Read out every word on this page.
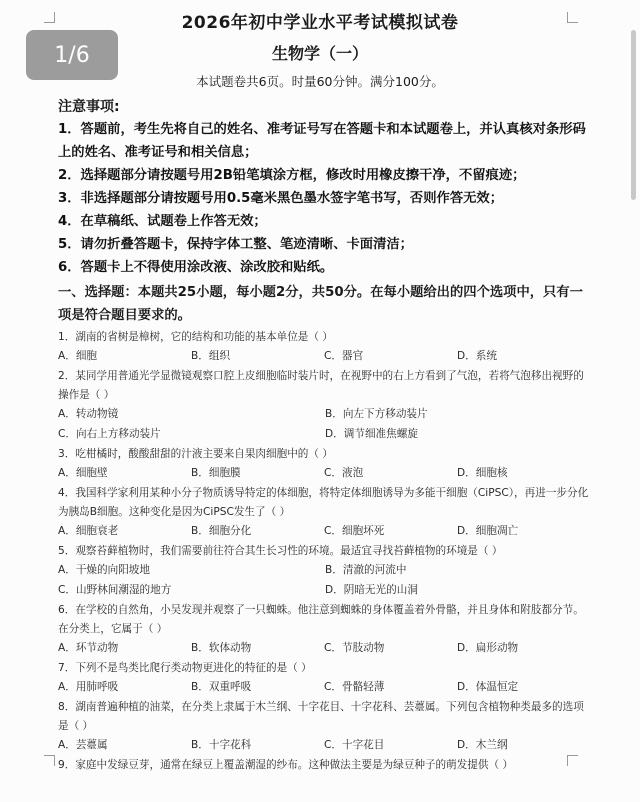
2026年初中学业水平考试模拟试卷
生物学（一）
本试题卷共6页。时量60分钟。满分100分。
注意事项:
1．答题前，考生先将自己的姓名、准考证号写在答题卡和本试题卷上，并认真核对条形码上的姓名、准考证号和相关信息；
2．选择题部分请按题号用2B铅笔填涂方框，修改时用橡皮擦干净，不留痕迹；
3．非选择题部分请按题号用0.5毫米黑色墨水签字笔书写，否则作答无效；
4．在草稿纸、试题卷上作答无效；
5．请勿折叠答题卡，保持字体工整、笔迹清晰、卡面清洁；
6．答题卡上不得使用涂改液、涂改胶和贴纸。
一、选择题：本题共25小题，每小题2分，共50分。在每小题给出的四个选项中，只有一项是符合题目要求的。
1．湖南的省树是樟树，它的结构和功能的基本单位是（ ）
A．细胞	B．组织	C．器官	D．系统
2．某同学用普通光学显微镜观察口腔上皮细胞临时装片时，在视野中的右上方看到了气泡，若将气泡移出视野的操作是（ ）
A．转动物镜	B．向左下方移动装片
C．向右上方移动装片	D．调节细准焦螺旋
3．吃柑橘时，酸酸甜甜的汁液主要来自果肉细胞中的（ ）
A．细胞壁	B．细胞膜	C．液泡	D．细胞核
4．我国科学家利用某种小分子物质诱导特定的体细胞，将特定体细胞诱导为多能干细胞（CiPSC），再进一步分化为胰岛B细胞。这种变化是因为CiPSC发生了（ ）
A．细胞衰老	B．细胞分化	C．细胞坏死	D．细胞凋亡
5．观察苔藓植物时，我们需要前往符合其生长习性的环境。最适宜寻找苔藓植物的环境是（ ）
A．干燥的向阳坡地	B．清澈的河流中
C．山野林间潮湿的地方	D．阴暗无光的山洞
6．在学校的自然角，小吴发现并观察了一只蜘蛛。他注意到蜘蛛的身体覆盖着外骨骼，并且身体和附肢都分节。在分类上，它属于（ ）
A．环节动物	B．软体动物	C．节肢动物	D．扁形动物
7．下列不是鸟类比爬行类动物更进化的特征的是（ ）
A．用肺呼吸	B．双重呼吸	C．骨骼轻薄	D．体温恒定
8．湖南普遍种植的油菜，在分类上隶属于木兰纲、十字花目、十字花科、芸薹属。下列包含植物种类最多的选项是（ ）
A．芸薹属	B．十字花科	C．十字花目	D．木兰纲
9．家庭中发绿豆芽，通常在绿豆上覆盖潮湿的纱布。这种做法主要是为绿豆种子的萌发提供（ ）
1/6
